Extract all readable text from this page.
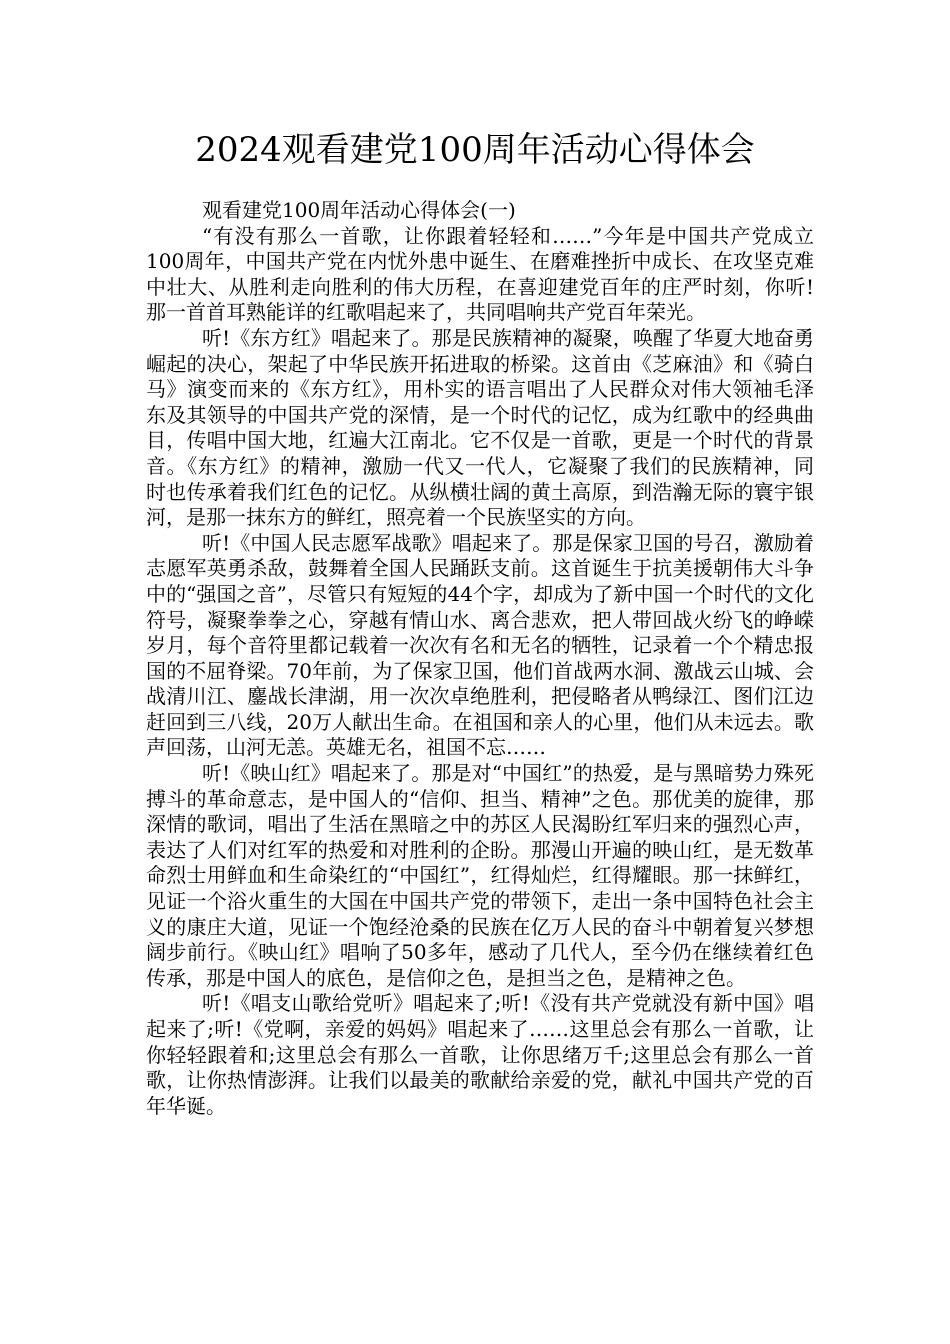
2024观看建党100周年活动心得体会

观看建党100周年活动心得体会(一)

“有没有那么一首歌，让你跟着轻轻和……”今年是中国共产党成立100周年，中国共产党在内忧外患中诞生、在磨难挫折中成长、在攻坚克难中壮大、从胜利走向胜利的伟大历程，在喜迎建党百年的庄严时刻，你听!那一首首耳熟能详的红歌唱起来了，共同唱响共产党百年荣光。

听!《东方红》唱起来了。那是民族精神的凝聚，唤醒了华夏大地奋勇崛起的决心，架起了中华民族开拓进取的桥梁。这首由《芝麻油》和《骑白马》演变而来的《东方红》，用朴实的语言唱出了人民群众对伟大领袖毛泽东及其领导的中国共产党的深情，是一个时代的记忆，成为红歌中的经典曲目，传唱中国大地，红遍大江南北。它不仅是一首歌，更是一个时代的背景音。《东方红》的精神，激励一代又一代人，它凝聚了我们的民族精神，同时也传承着我们红色的记忆。从纵横壮阔的黄土高原，到浩瀚无际的寰宇银河，是那一抹东方的鲜红，照亮着一个民族坚实的方向。

听!《中国人民志愿军战歌》唱起来了。那是保家卫国的号召，激励着志愿军英勇杀敌，鼓舞着全国人民踊跃支前。这首诞生于抗美援朝伟大斗争中的“强国之音”，尽管只有短短的44个字，却成为了新中国一个时代的文化符号，凝聚拳拳之心，穿越有情山水、离合悲欢，把人带回战火纷飞的峥嵘岁月，每个音符里都记载着一次次有名和无名的牺牲，记录着一个个精忠报国的不屈脊梁。70年前，为了保家卫国，他们首战两水洞、激战云山城、会战清川江、鏖战长津湖，用一次次卓绝胜利，把侵略者从鸭绿江、图们江边赶回到三八线，20万人献出生命。在祖国和亲人的心里，他们从未远去。歌声回荡，山河无恙。英雄无名，祖国不忘……

听!《映山红》唱起来了。那是对“中国红”的热爱，是与黑暗势力殊死搏斗的革命意志，是中国人的“信仰、担当、精神”之色。那优美的旋律，那深情的歌词，唱出了生活在黑暗之中的苏区人民渴盼红军归来的强烈心声，表达了人们对红军的热爱和对胜利的企盼。那漫山开遍的映山红，是无数革命烈士用鲜血和生命染红的“中国红”，红得灿烂，红得耀眼。那一抹鲜红，见证一个浴火重生的大国在中国共产党的带领下，走出一条中国特色社会主义的康庄大道，见证一个饱经沧桑的民族在亿万人民的奋斗中朝着复兴梦想阔步前行。《映山红》唱响了50多年，感动了几代人，至今仍在继续着红色传承，那是中国人的底色，是信仰之色，是担当之色，是精神之色。

听!《唱支山歌给党听》唱起来了;听!《没有共产党就没有新中国》唱起来了;听!《党啊，亲爱的妈妈》唱起来了……这里总会有那么一首歌，让你轻轻跟着和;这里总会有那么一首歌，让你思绪万千;这里总会有那么一首歌，让你热情澎湃。让我们以最美的歌献给亲爱的党，献礼中国共产党的百年华诞。
